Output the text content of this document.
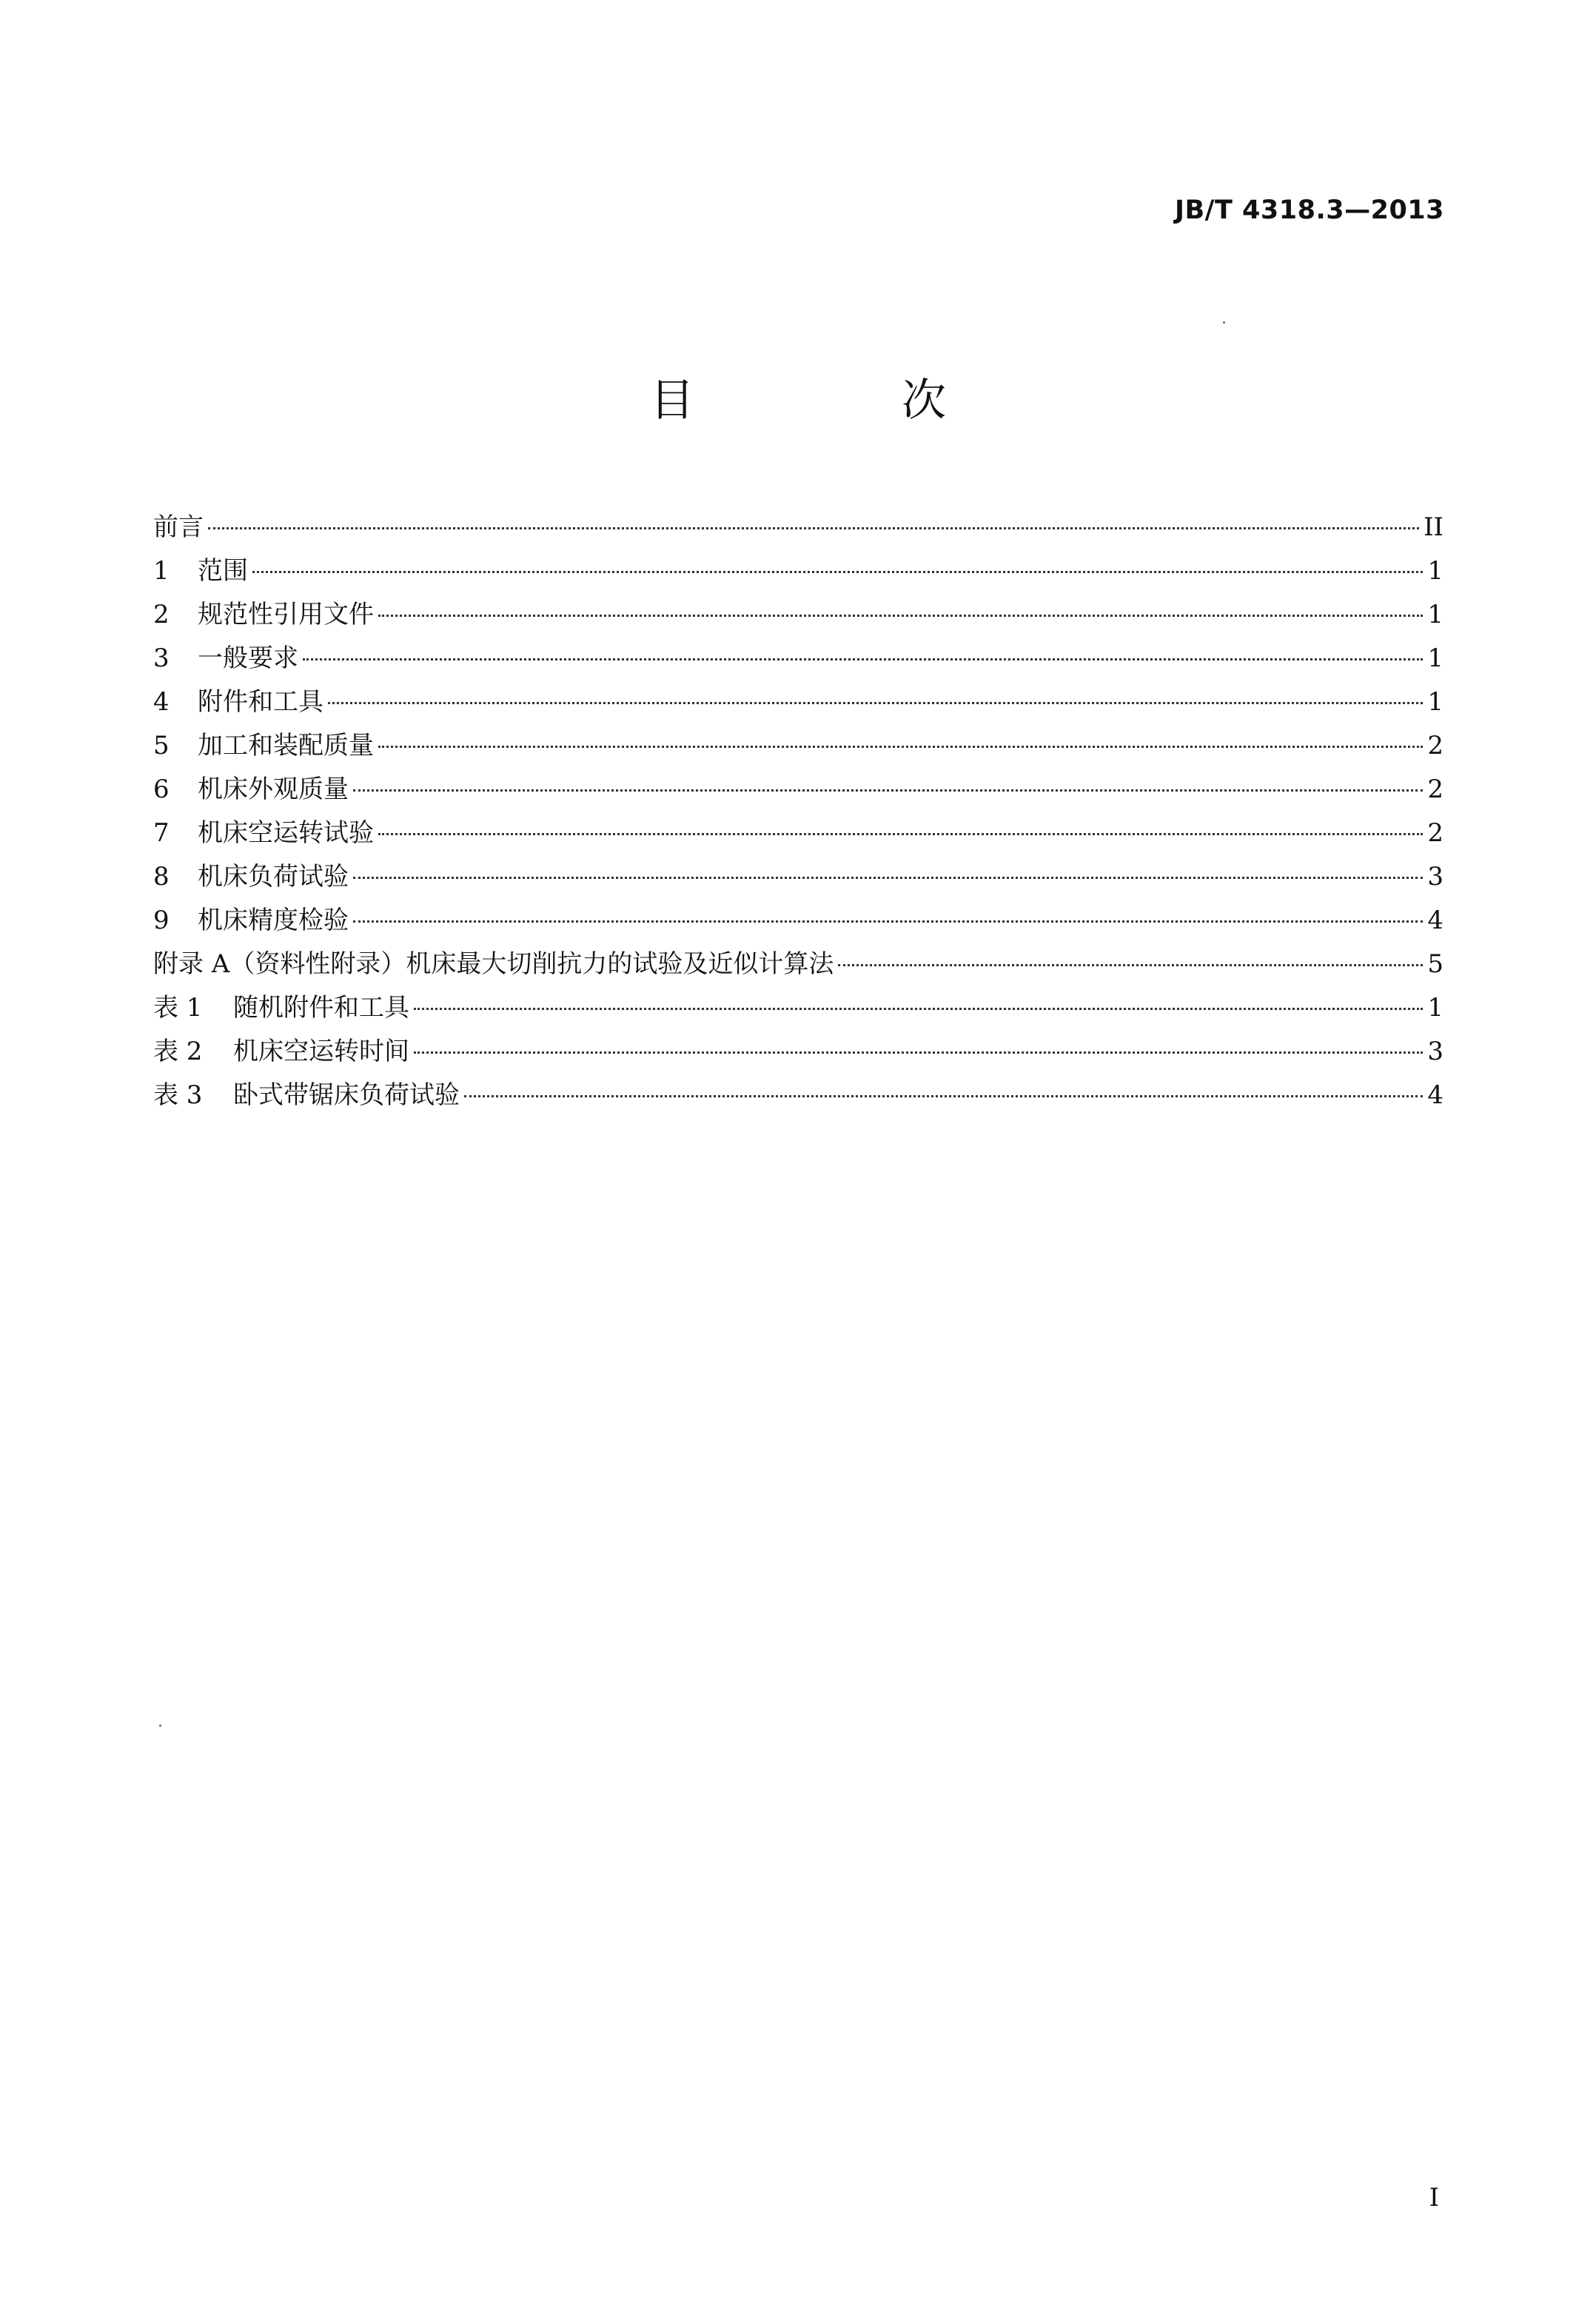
JB/T 4318.3—2013
目　次
前言	II
1	范围	1
2	规范性引用文件	1
3	一般要求	1
4	附件和工具	1
5	加工和装配质量	2
6	机床外观质量	2
7	机床空运转试验	2
8	机床负荷试验	3
9	机床精度检验	4
附录 A（资料性附录）机床最大切削抗力的试验及近似计算法	5
表 1	随机附件和工具	1
表 2	机床空运转时间	3
表 3	卧式带锯床负荷试验	4
I
